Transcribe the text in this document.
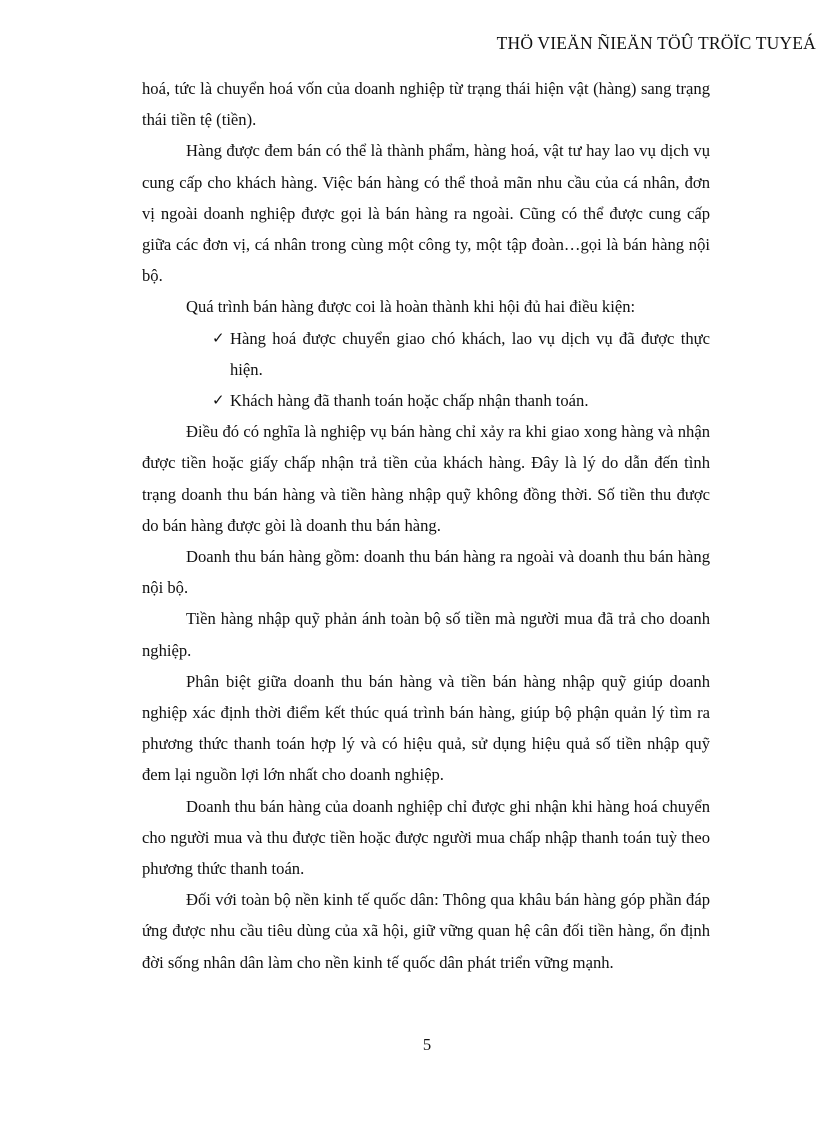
THÖ VIEÄN ÑIEÄN TÖÛ TRÖÏC TUYEÁ

hoá, tức là chuyển hoá vốn của doanh nghiệp từ trạng thái hiện vật (hàng) sang trạng thái tiền tệ (tiền).

Hàng được đem bán có thể là thành phẩm, hàng hoá, vật tư hay lao vụ dịch vụ cung cấp cho khách hàng. Việc bán hàng có thể thoả mãn nhu cầu của cá nhân, đơn vị ngoài doanh nghiệp được gọi là bán hàng ra ngoài. Cũng có thể được cung cấp giữa các đơn vị, cá nhân trong cùng một công ty, một tập đoàn…gọi là bán hàng nội bộ.

Quá trình bán hàng được coi là hoàn thành khi hội đủ hai điều kiện:

✓ Hàng hoá được chuyển giao chó khách, lao vụ dịch vụ đã được thực hiện.
✓ Khách hàng đã thanh toán hoặc chấp nhận thanh toán.

Điều đó có nghĩa là nghiệp vụ bán hàng chỉ xảy ra khi giao xong hàng và nhận được tiền hoặc giấy chấp nhận trả tiền của khách hàng. Đây là lý do dẫn đến tình trạng doanh thu bán hàng và tiền hàng nhập quỹ không đồng thời. Số tiền thu được do bán hàng được gòi là doanh thu bán hàng.

Doanh thu bán hàng gồm: doanh thu bán hàng ra ngoài và doanh thu bán hàng nội bộ.

Tiền hàng nhập quỹ phản ánh toàn bộ số tiền mà người mua đã trả cho doanh nghiệp.

Phân biệt giữa doanh thu bán hàng và tiền bán hàng nhập quỹ giúp doanh nghiệp xác định thời điểm kết thúc quá trình bán hàng, giúp bộ phận quản lý tìm ra phương thức thanh toán hợp lý và có hiệu quả, sử dụng hiệu quả số tiền nhập quỹ đem lại nguồn lợi lớn nhất cho doanh nghiệp.

Doanh thu bán hàng của doanh nghiệp chỉ được ghi nhận khi hàng hoá chuyển cho người mua và thu được tiền hoặc được người mua chấp nhập thanh toán tuỳ theo phương thức thanh toán.

Đối với toàn bộ nền kinh tế quốc dân: Thông qua khâu bán hàng góp phần đáp ứng được nhu cầu tiêu dùng của xã hội, giữ vững quan hệ cân đối tiền hàng, ổn định đời sống nhân dân làm cho nền kinh tế quốc dân phát triển vững mạnh.

5
